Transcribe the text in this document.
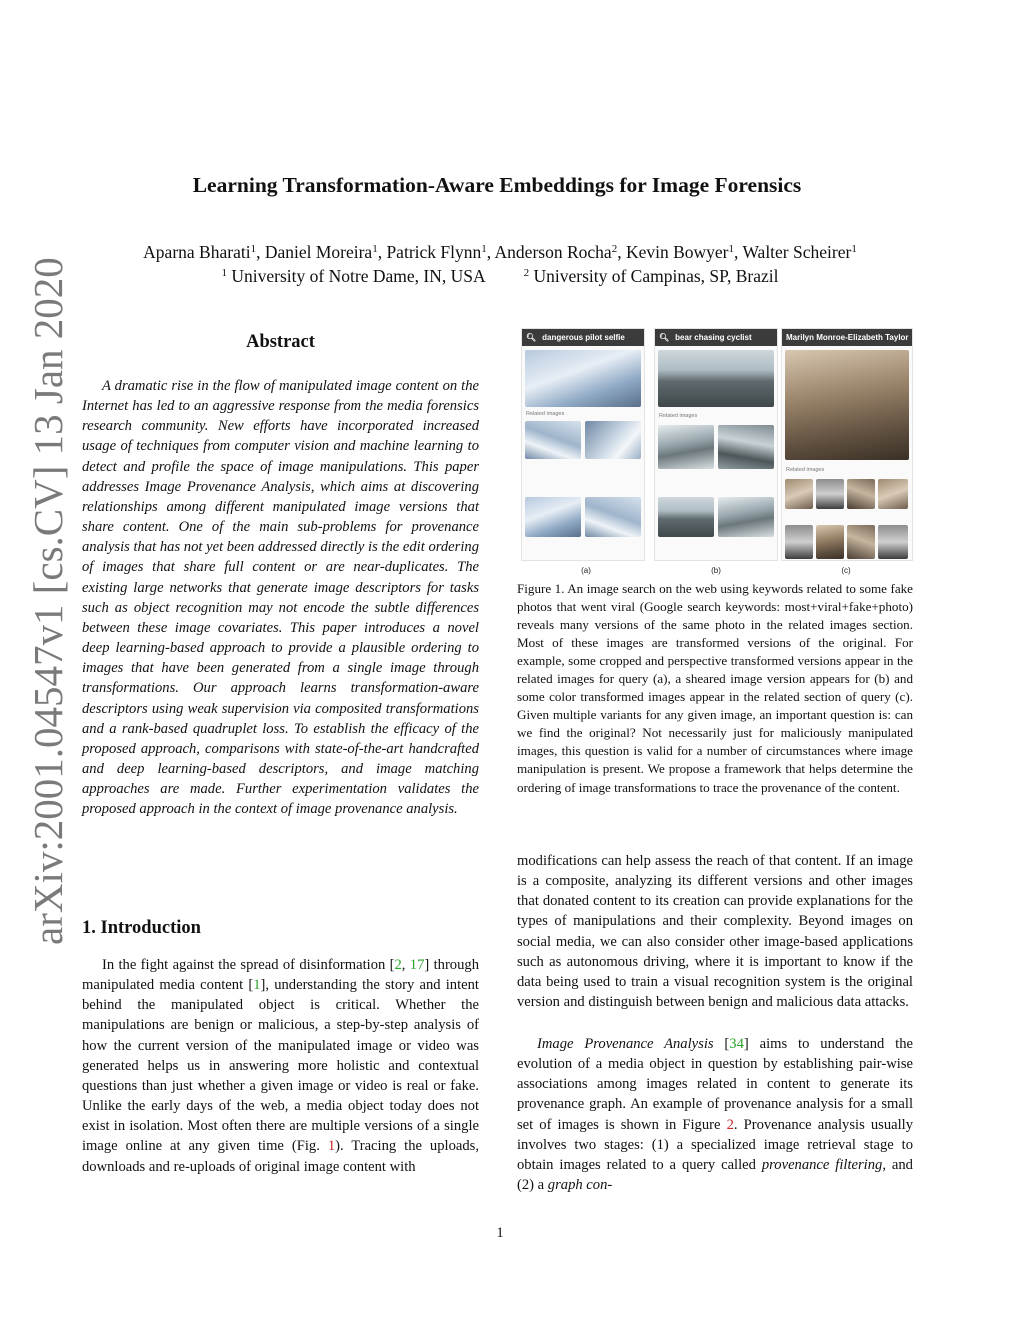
arXiv:2001.04547v1 [cs.CV] 13 Jan 2020
Learning Transformation-Aware Embeddings for Image Forensics
Aparna Bharati$^1$, Daniel Moreira$^1$, Patrick Flynn$^1$, Anderson Rocha$^2$, Kevin Bowyer$^1$, Walter Scheirer$^1$
$^1$ University of Notre Dame, IN, USA	$^2$ University of Campinas, SP, Brazil
Abstract

A dramatic rise in the flow of manipulated image content on the Internet has led to an aggressive response from the media forensics research community. New efforts have incorporated increased usage of techniques from computer vision and machine learning to detect and profile the space of image manipulations. This paper addresses Image Provenance Analysis, which aims at discovering relationships among different manipulated image versions that share content. One of the main sub-problems for provenance analysis that has not yet been addressed directly is the edit ordering of images that share full content or are near-duplicates. The existing large networks that generate image descriptors for tasks such as object recognition may not encode the subtle differences between these image covariates. This paper introduces a novel deep learning-based approach to provide a plausible ordering to images that have been generated from a single image through transformations. Our approach learns transformation-aware descriptors using weak supervision via composited transformations and a rank-based quadruplet loss. To establish the efficacy of the proposed approach, comparisons with state-of-the-art handcrafted and deep learning-based descriptors, and image matching approaches are made. Further experimentation validates the proposed approach in the context of image provenance analysis.

1. Introduction

In the fight against the spread of disinformation [2, 17] through manipulated media content [1], understanding the story and intent behind the manipulated object is critical. Whether the manipulations are benign or malicious, a step-by-step analysis of how the current version of the manipulated image or video was generated helps us in answering more holistic and contextual questions than just whether a given image or video is real or fake. Unlike the early days of the web, a media object today does not exist in isolation. Most often there are multiple versions of a single image online at any given time (Fig. 1). Tracing the uploads, downloads and re-uploads of original image content with

🔍︎ dangerous pilot selfie
Related images
🔍︎ bear chasing cyclist
Related images
Marilyn Monroe-Elizabeth Taylor
Related images
(a)	(b)	(c)

Figure 1. An image search on the web using keywords related to some fake photos that went viral (Google search keywords: most+viral+fake+photo) reveals many versions of the same photo in the related images section. Most of these images are transformed versions of the original. For example, some cropped and perspective transformed versions appear in the related images for query (a), a sheared image version appears for (b) and some color transformed images appear in the related section of query (c). Given multiple variants for any given image, an important question is: can we find the original? Not necessarily just for maliciously manipulated images, this question is valid for a number of circumstances where image manipulation is present. We propose a framework that helps determine the ordering of image transformations to trace the provenance of the content.

modifications can help assess the reach of that content. If an image is a composite, analyzing its different versions and other images that donated content to its creation can provide explanations for the types of manipulations and their complexity. Beyond images on social media, we can also consider other image-based applications such as autonomous driving, where it is important to know if the data being used to train a visual recognition system is the original version and distinguish between benign and malicious data attacks.

Image Provenance Analysis [34] aims to understand the evolution of a media object in question by establishing pair-wise associations among images related in content to generate its provenance graph. An example of provenance analysis for a small set of images is shown in Figure 2. Provenance analysis usually involves two stages: (1) a specialized image retrieval stage to obtain images related to a query called provenance filtering, and (2) a graph con-

1
